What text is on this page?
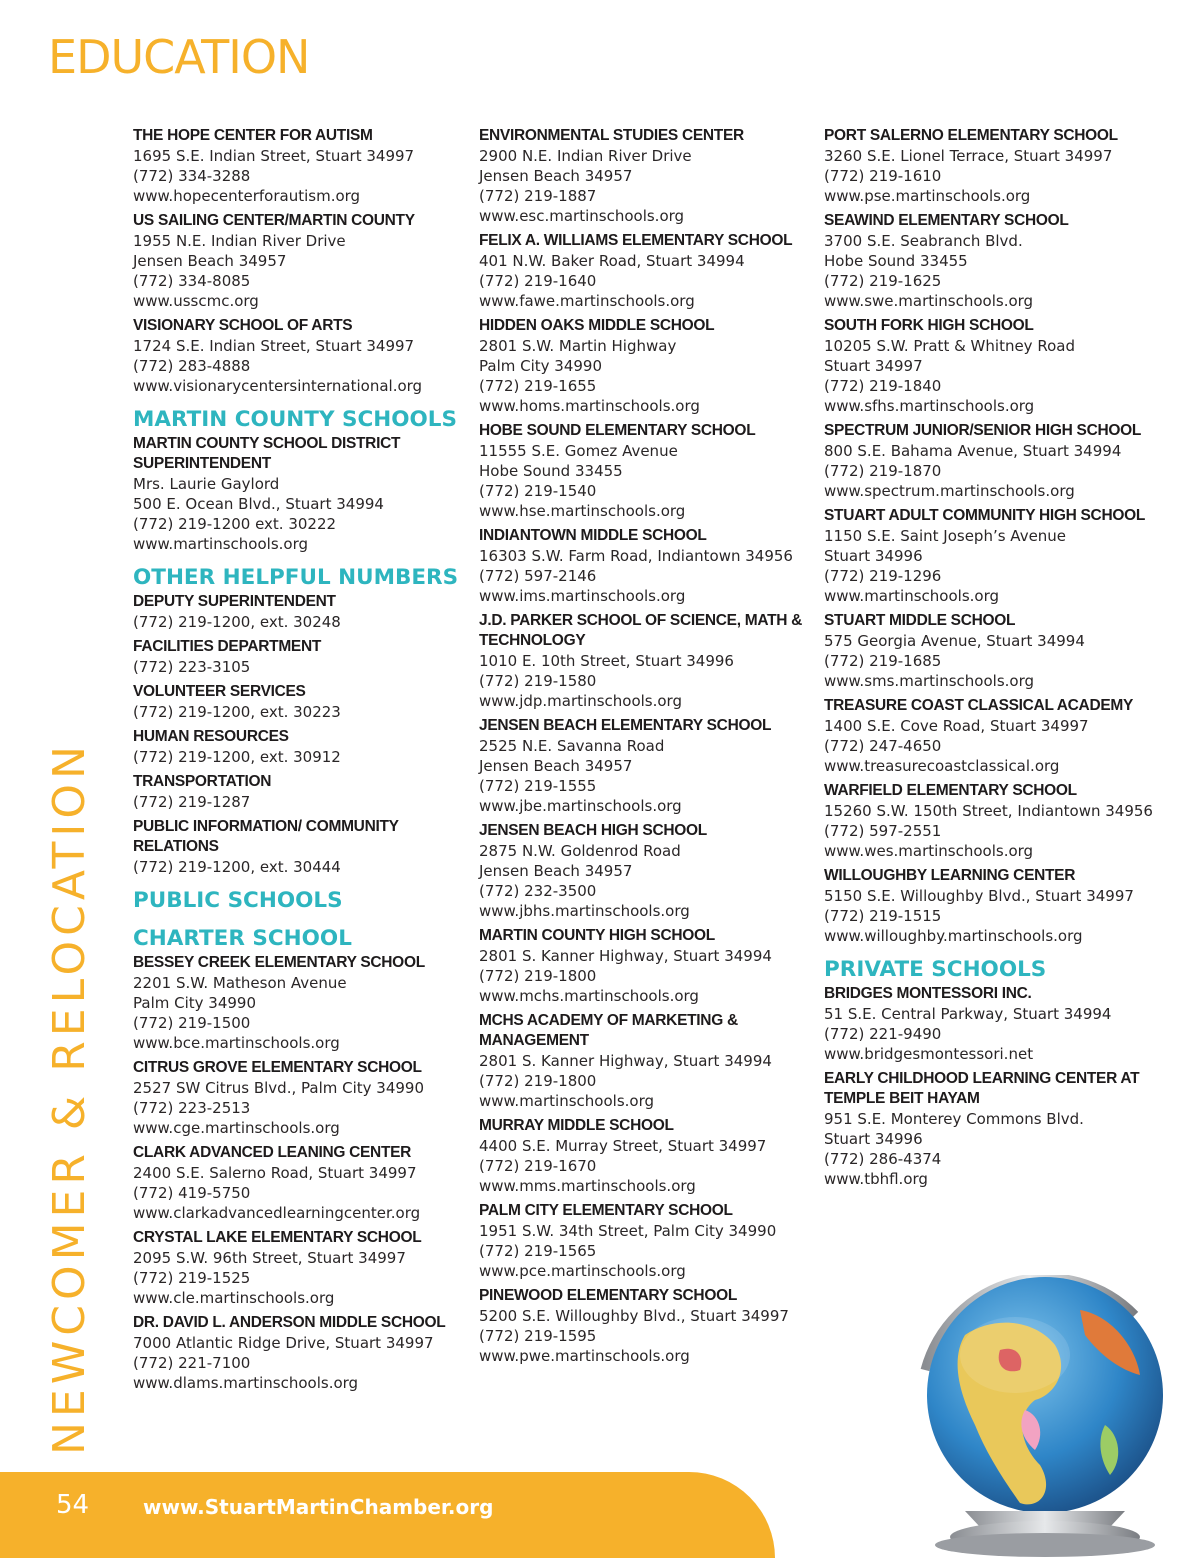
EDUCATION
NEWCOMER & RELOCATION
THE HOPE CENTER FOR AUTISM
1695 S.E. Indian Street, Stuart 34997
(772) 334-3288
www.hopecenterforautism.org
US SAILING CENTER/MARTIN COUNTY
1955 N.E. Indian River Drive
Jensen Beach 34957
(772) 334-8085
www.usscmc.org
VISIONARY SCHOOL OF ARTS
1724 S.E. Indian Street, Stuart 34997
(772) 283-4888
www.visionarycentersinternational.org
MARTIN COUNTY SCHOOLS
MARTIN COUNTY SCHOOL DISTRICT SUPERINTENDENT
Mrs. Laurie Gaylord
500 E. Ocean Blvd., Stuart 34994
(772) 219-1200 ext. 30222
www.martinschools.org
OTHER HELPFUL NUMBERS
DEPUTY SUPERINTENDENT
(772) 219-1200, ext. 30248
FACILITIES DEPARTMENT
(772) 223-3105
VOLUNTEER SERVICES
(772) 219-1200, ext. 30223
HUMAN RESOURCES
(772) 219-1200, ext. 30912
TRANSPORTATION
(772) 219-1287
PUBLIC INFORMATION/ COMMUNITY RELATIONS
(772) 219-1200, ext. 30444
PUBLIC SCHOOLS
CHARTER SCHOOL
BESSEY CREEK ELEMENTARY SCHOOL
2201 S.W. Matheson Avenue
Palm City 34990
(772) 219-1500
www.bce.martinschools.org
CITRUS GROVE ELEMENTARY SCHOOL
2527 SW Citrus Blvd., Palm City 34990
(772) 223-2513
www.cge.martinschools.org
CLARK ADVANCED LEANING CENTER
2400 S.E. Salerno Road, Stuart 34997
(772) 419-5750
www.clarkadvancedlearningcenter.org
CRYSTAL LAKE ELEMENTARY SCHOOL
2095 S.W. 96th Street, Stuart 34997
(772) 219-1525
www.cle.martinschools.org
DR. DAVID L. ANDERSON MIDDLE SCHOOL
7000 Atlantic Ridge Drive, Stuart 34997
(772) 221-7100
www.dlams.martinschools.org
ENVIRONMENTAL STUDIES CENTER
2900 N.E. Indian River Drive
Jensen Beach 34957
(772) 219-1887
www.esc.martinschools.org
FELIX A. WILLIAMS ELEMENTARY SCHOOL
401 N.W. Baker Road, Stuart 34994
(772) 219-1640
www.fawe.martinschools.org
HIDDEN OAKS MIDDLE SCHOOL
2801 S.W. Martin Highway
Palm City 34990
(772) 219-1655
www.homs.martinschools.org
HOBE SOUND ELEMENTARY SCHOOL
11555 S.E. Gomez Avenue
Hobe Sound 33455
(772) 219-1540
www.hse.martinschools.org
INDIANTOWN MIDDLE SCHOOL
16303 S.W. Farm Road, Indiantown 34956
(772) 597-2146
www.ims.martinschools.org
J.D. PARKER SCHOOL OF SCIENCE, MATH & TECHNOLOGY
1010 E. 10th Street, Stuart 34996
(772) 219-1580
www.jdp.martinschools.org
JENSEN BEACH ELEMENTARY SCHOOL
2525 N.E. Savanna Road
Jensen Beach 34957
(772) 219-1555
www.jbe.martinschools.org
JENSEN BEACH HIGH SCHOOL
2875 N.W. Goldenrod Road
Jensen Beach 34957
(772) 232-3500
www.jbhs.martinschools.org
MARTIN COUNTY HIGH SCHOOL
2801 S. Kanner Highway, Stuart 34994
(772) 219-1800
www.mchs.martinschools.org
MCHS ACADEMY OF MARKETING & MANAGEMENT
2801 S. Kanner Highway, Stuart 34994
(772) 219-1800
www.martinschools.org
MURRAY MIDDLE SCHOOL
4400 S.E. Murray Street, Stuart 34997
(772) 219-1670
www.mms.martinschools.org
PALM CITY ELEMENTARY SCHOOL
1951 S.W. 34th Street, Palm City 34990
(772) 219-1565
www.pce.martinschools.org
PINEWOOD ELEMENTARY SCHOOL
5200 S.E. Willoughby Blvd., Stuart 34997
(772) 219-1595
www.pwe.martinschools.org
PORT SALERNO ELEMENTARY SCHOOL
3260 S.E. Lionel Terrace, Stuart 34997
(772) 219-1610
www.pse.martinschools.org
SEAWIND ELEMENTARY SCHOOL
3700 S.E. Seabranch Blvd.
Hobe Sound 33455
(772) 219-1625
www.swe.martinschools.org
SOUTH FORK HIGH SCHOOL
10205 S.W. Pratt & Whitney Road
Stuart 34997
(772) 219-1840
www.sfhs.martinschools.org
SPECTRUM JUNIOR/SENIOR HIGH SCHOOL
800 S.E. Bahama Avenue, Stuart 34994
(772) 219-1870
www.spectrum.martinschools.org
STUART ADULT COMMUNITY HIGH SCHOOL
1150 S.E. Saint Joseph’s Avenue
Stuart 34996
(772) 219-1296
www.martinschools.org
STUART MIDDLE SCHOOL
575 Georgia Avenue, Stuart 34994
(772) 219-1685
www.sms.martinschools.org
TREASURE COAST CLASSICAL ACADEMY
1400 S.E. Cove Road, Stuart 34997
(772) 247-4650
www.treasurecoastclassical.org
WARFIELD ELEMENTARY SCHOOL
15260 S.W. 150th Street, Indiantown 34956
(772) 597-2551
www.wes.martinschools.org
WILLOUGHBY LEARNING CENTER
5150 S.E. Willoughby Blvd., Stuart 34997
(772) 219-1515
www.willoughby.martinschools.org
PRIVATE SCHOOLS
BRIDGES MONTESSORI INC.
51 S.E. Central Parkway, Stuart 34994
(772) 221-9490
www.bridgesmontessori.net
EARLY CHILDHOOD LEARNING CENTER AT TEMPLE BEIT HAYAM
951 S.E. Monterey Commons Blvd.
Stuart 34996
(772) 286-4374
www.tbhfl.org
54	www.StuartMartinChamber.org
